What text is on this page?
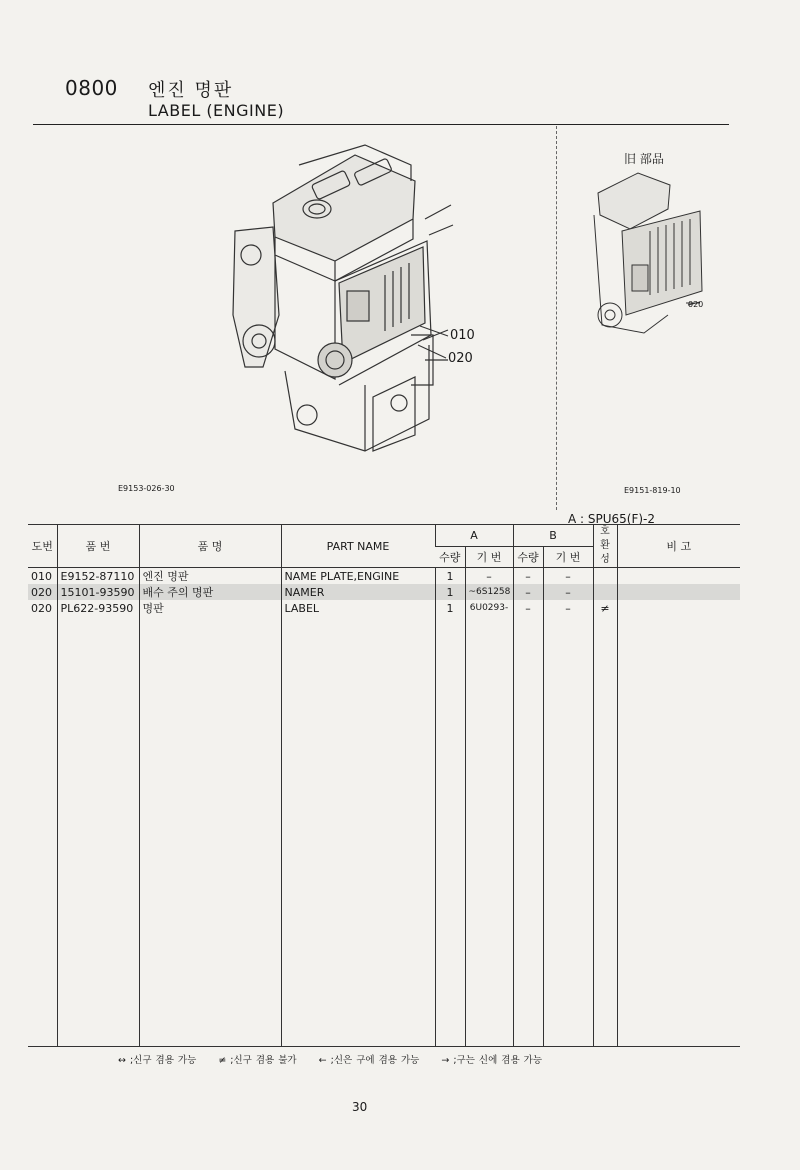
0800 엔진 명판
LABEL (ENGINE)
010
020
旧 部品
020
E9153-026-30	E9151-819-10
A : SPU65(F)-2
도번	품 번	품 명	PART NAME	A		B		호 환 성	비 고
				수량	기 번	수량	기 번		
010	E9152-87110	엔진 명판	NAME PLATE,ENGINE	1	–	–	–		
020	15101-93590	배수 주의 명판	NAMER	1	~6S1258	–	–		
020	PL622-93590	명판	LABEL	1	6U0293-	–	–	≠	

↔ ;신구 겸용 가능 ≠ ;신구 겸용 불가 ← ;신은 구에 겸용 가능 → ;구는 신에 겸용 가능
30
